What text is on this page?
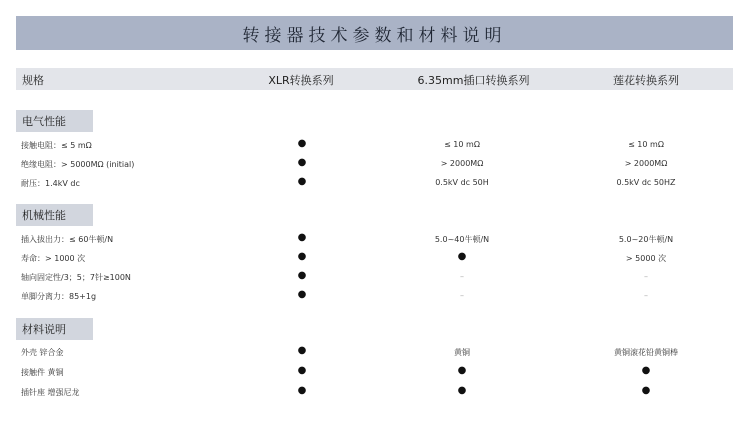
转接器技术参数和材料说明
规格	XLR转换系列	6.35mm插口转换系列	莲花转换系列
电气性能
接触电阻：≤ 5 mΩ	●	≤ 10 mΩ	≤ 10 mΩ
绝缘电阻：> 5000MΩ (initial)	●	> 2000MΩ	> 2000MΩ
耐压：1.4kV dc	●	0.5kV dc 50H	0.5kV dc 50HZ
机械性能
插入拔出力：≤ 60牛顿/N	●	5.0~40牛顿/N	5.0~20牛顿/N
寿命：> 1000 次	●	●	> 5000 次
轴向固定性/3；5；7针≥100N	●	–	–
单脚分离力：85+1g	●	–	–
材料说明
外壳 锌合金	●	黄铜	黄铜滚花铅黄铜棒
接触件 黄铜	●	●	●
插针座 增强尼龙	●	●	●
